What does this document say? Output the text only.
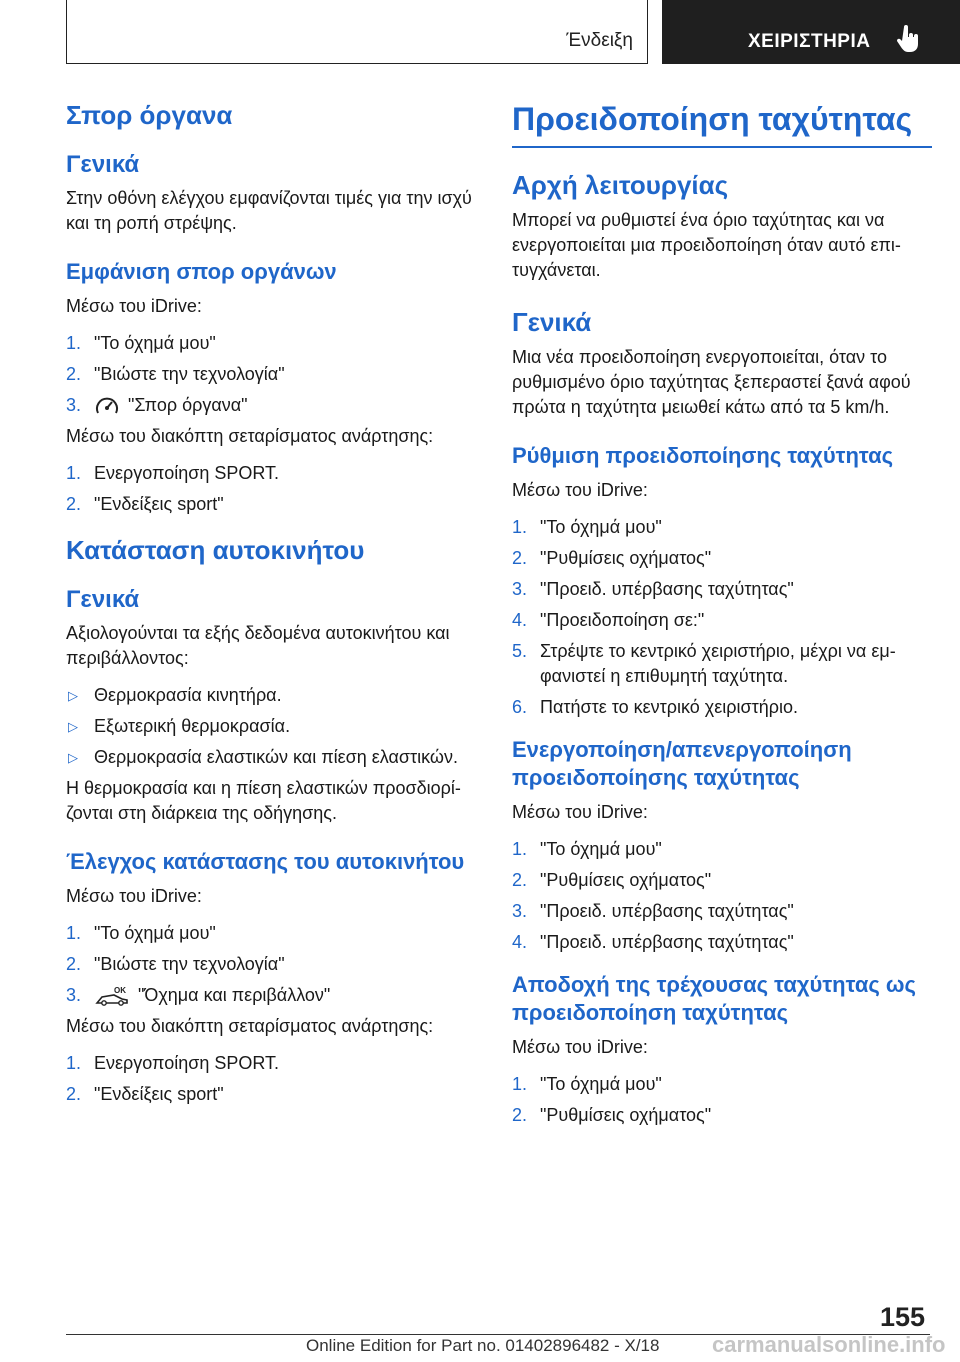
Ένδειξη	ΧΕΙΡΙΣΤΗΡΙΑ
Σπορ όργανα
Γενικά
Στην οθόνη ελέγχου εμφανίζονται τιμές για την ισχύ και τη ροπή στρέψης.
Εμφάνιση σπορ οργάνων
Μέσω του iDrive:
1. "Το όχημά μου"
2. "Βιώστε την τεχνολογία"
3.	"Σπορ όργανα"
Μέσω του διακόπτη σεταρίσματος ανάρτησης:
1. Ενεργοποίηση SPORT.
2. "Ενδείξεις sport"
Κατάσταση αυτοκινήτου
Γενικά
Αξιολογούνται τα εξής δεδομένα αυτοκινήτου και περιβάλλοντος:
▷ Θερμοκρασία κινητήρα.
▷ Εξωτερική θερμοκρασία.
▷ Θερμοκρασία ελαστικών και πίεση ελαστικών.
Η θερμοκρασία και η πίεση ελαστικών προσδιορίζονται στη διάρκεια της οδήγησης.
Έλεγχος κατάστασης του αυτοκινήτου
Μέσω του iDrive:
1. "Το όχημά μου"
2. "Βιώστε την τεχνολογία"
3.	OK "Όχημα και περιβάλλον"
Μέσω του διακόπτη σεταρίσματος ανάρτησης:
1. Ενεργοποίηση SPORT.
2. "Ενδείξεις sport"
Προειδοποίηση ταχύτητας
Αρχή λειτουργίας
Μπορεί να ρυθμιστεί ένα όριο ταχύτητας και να ενεργοποιείται μια προειδοποίηση όταν αυτό επιτυγχάνεται.
Γενικά
Μια νέα προειδοποίηση ενεργοποιείται, όταν το ρυθμισμένο όριο ταχύτητας ξεπεραστεί ξανά αφού πρώτα η ταχύτητα μειωθεί κάτω από τα 5 km/h.
Ρύθμιση προειδοποίησης ταχύτητας
Μέσω του iDrive:
1. "Το όχημά μου"
2. "Ρυθμίσεις οχήματος"
3. "Προειδ. υπέρβασης ταχύτητας"
4. "Προειδοποίηση σε:"
5. Στρέψτε το κεντρικό χειριστήριο, μέχρι να εμφανιστεί η επιθυμητή ταχύτητα.
6. Πατήστε το κεντρικό χειριστήριο.
Ενεργοποίηση/απενεργοποίηση προειδοποίησης ταχύτητας
Μέσω του iDrive:
1. "Το όχημά μου"
2. "Ρυθμίσεις οχήματος"
3. "Προειδ. υπέρβασης ταχύτητας"
4. "Προειδ. υπέρβασης ταχύτητας"
Αποδοχή της τρέχουσας ταχύτητας ως προειδοποίηση ταχύτητας
Μέσω του iDrive:
1. "Το όχημά μου"
2. "Ρυθμίσεις οχήματος"
155
Online Edition for Part no. 01402896482 - X/18 carmanualsonline.info
